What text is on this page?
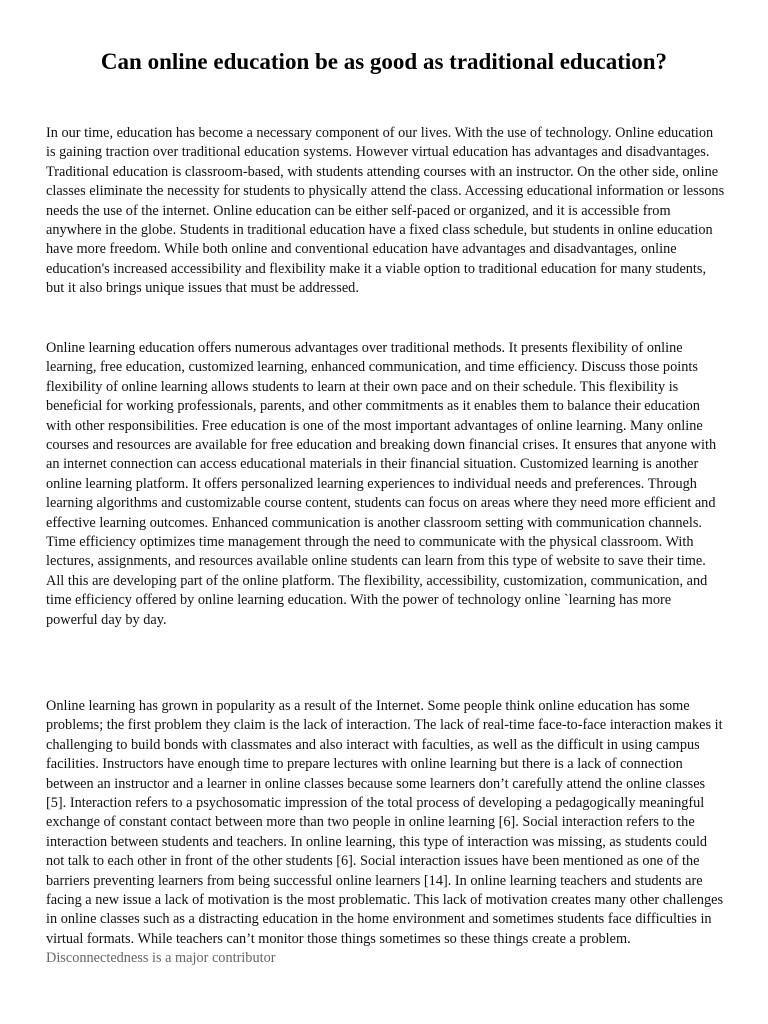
Can online education be as good as traditional education?

In our time, education has become a necessary component of our lives. With the use of technology. Online education is gaining traction over traditional education systems. However virtual education has advantages and disadvantages. Traditional education is classroom-based, with students attending courses with an instructor. On the other side, online classes eliminate the necessity for students to physically attend the class. Accessing educational information or lessons needs the use of the internet. Online education can be either self-paced or organized, and it is accessible from anywhere in the globe. Students in traditional education have a fixed class schedule, but students in online education have more freedom. While both online and conventional education have advantages and disadvantages, online education's increased accessibility and flexibility make it a viable option to traditional education for many students, but it also brings unique issues that must be addressed.

Online learning education offers numerous advantages over traditional methods. It presents flexibility of online learning, free education, customized learning, enhanced communication, and time efficiency. Discuss those points flexibility of online learning allows students to learn at their own pace and on their schedule. This flexibility is beneficial for working professionals, parents, and other commitments as it enables them to balance their education with other responsibilities. Free education is one of the most important advantages of online learning. Many online courses and resources are available for free education and breaking down financial crises. It ensures that anyone with an internet connection can access educational materials in their financial situation. Customized learning is another online learning platform. It offers personalized learning experiences to individual needs and preferences. Through learning algorithms and customizable course content, students can focus on areas where they need more efficient and effective learning outcomes. Enhanced communication is another classroom setting with communication channels. Time efficiency optimizes time management through the need to communicate with the physical classroom. With lectures, assignments, and resources available online students can learn from this type of website to save their time. All this are developing part of the online platform. The flexibility, accessibility, customization, communication, and time efficiency offered by online learning education. With the power of technology online `learning has more powerful day by day.

Online learning has grown in popularity as a result of the Internet. Some people think online education has some problems; the first problem they claim is the lack of interaction. The lack of real-time face-to-face interaction makes it challenging to build bonds with classmates and also interact with faculties, as well as the difficult in using campus facilities. Instructors have enough time to prepare lectures with online learning but there is a lack of connection between an instructor and a learner in online classes because some learners don’t carefully attend the online classes [5]. Interaction refers to a psychosomatic impression of the total process of developing a pedagogically meaningful exchange of constant contact between more than two people in online learning [6]. Social interaction refers to the interaction between students and teachers. In online learning, this type of interaction was missing, as students could not talk to each other in front of the other students [6]. Social interaction issues have been mentioned as one of the barriers preventing learners from being successful online learners [14]. In online learning teachers and students are facing a new issue a lack of motivation is the most problematic. This lack of motivation creates many other challenges in online classes such as a distracting education in the home environment and sometimes students face difficulties in virtual formats. While teachers can’t monitor those things sometimes so these things create a problem. Disconnectedness is a major contributor
